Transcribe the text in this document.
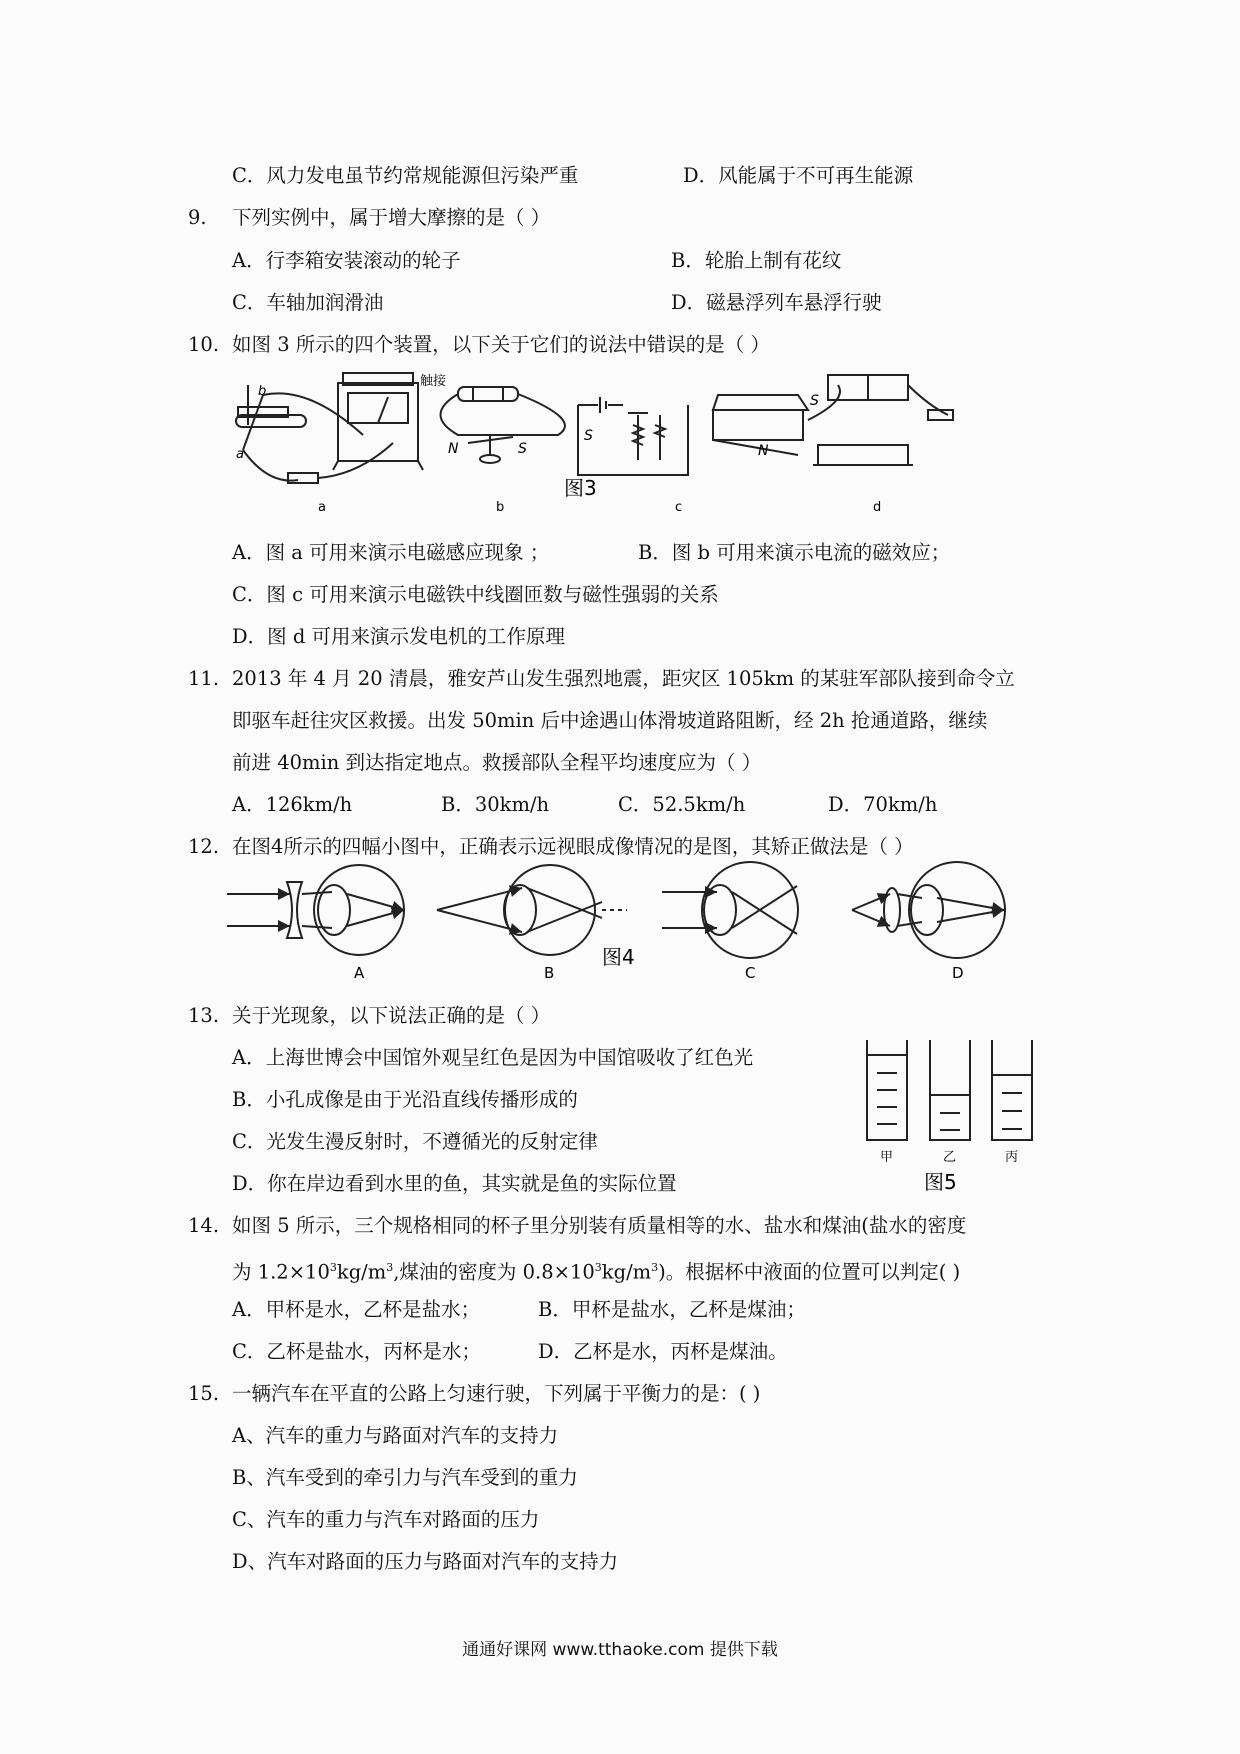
C．风力发电虽节约常规能源但污染严重	D．风能属于不可再生能源
9. 下列实例中，属于增大摩擦的是（ ）
A．行李箱安装滚动的轮子	B．轮胎上制有花纹
C．车轴加润滑油	D．磁悬浮列车悬浮行驶
10. 如图 3 所示的四个装置，以下关于它们的说法中错误的是（ ）
a
b
触接
N	S
S
S
N
a	b	c	d
图3
A．图 a 可用来演示电磁感应现象 ；	B．图 b 可用来演示电流的磁效应；
C．图 c 可用来演示电磁铁中线圈匝数与磁性强弱的关系
D．图 d 可用来演示发电机的工作原理
11. 2013 年 4 月 20 清晨，雅安芦山发生强烈地震，距灾区 105km 的某驻军部队接到命令立
即驱车赶往灾区救援。出发 50min 后中途遇山体滑坡道路阻断，经 2h 抢通道路，继续
前进 40min 到达指定地点。救援部队全程平均速度应为（ ）
A．126km/h	B．30km/h	C．52.5km/h	D．70km/h
12. 在图4所示的四幅小图中，正确表示远视眼成像情况的是图，其矫正做法是（ ）
A	B	C	D
图4
13. 关于光现象，以下说法正确的是（ ）
A．上海世博会中国馆外观呈红色是因为中国馆吸收了红色光
B．小孔成像是由于光沿直线传播形成的
C．光发生漫反射时，不遵循光的反射定律
D．你在岸边看到水里的鱼，其实就是鱼的实际位置
甲	乙	丙
图5
14. 如图 5 所示，三个规格相同的杯子里分别装有质量相等的水、盐水和煤油(盐水的密度
为 $1.2\times 10^3kg/m^3$,煤油的密度为 $0.8\times 10^3kg/m^3$)。根据杯中液面的位置可以判定( )
A．甲杯是水，乙杯是盐水；	B．甲杯是盐水，乙杯是煤油；
C．乙杯是盐水，丙杯是水；	D．乙杯是水，丙杯是煤油。
15. 一辆汽车在平直的公路上匀速行驶，下列属于平衡力的是：( )
A、汽车的重力与路面对汽车的支持力
B、汽车受到的牵引力与汽车受到的重力
C、汽车的重力与汽车对路面的压力
D、汽车对路面的压力与路面对汽车的支持力
通通好课网 www.tthaoke.com 提供下载
